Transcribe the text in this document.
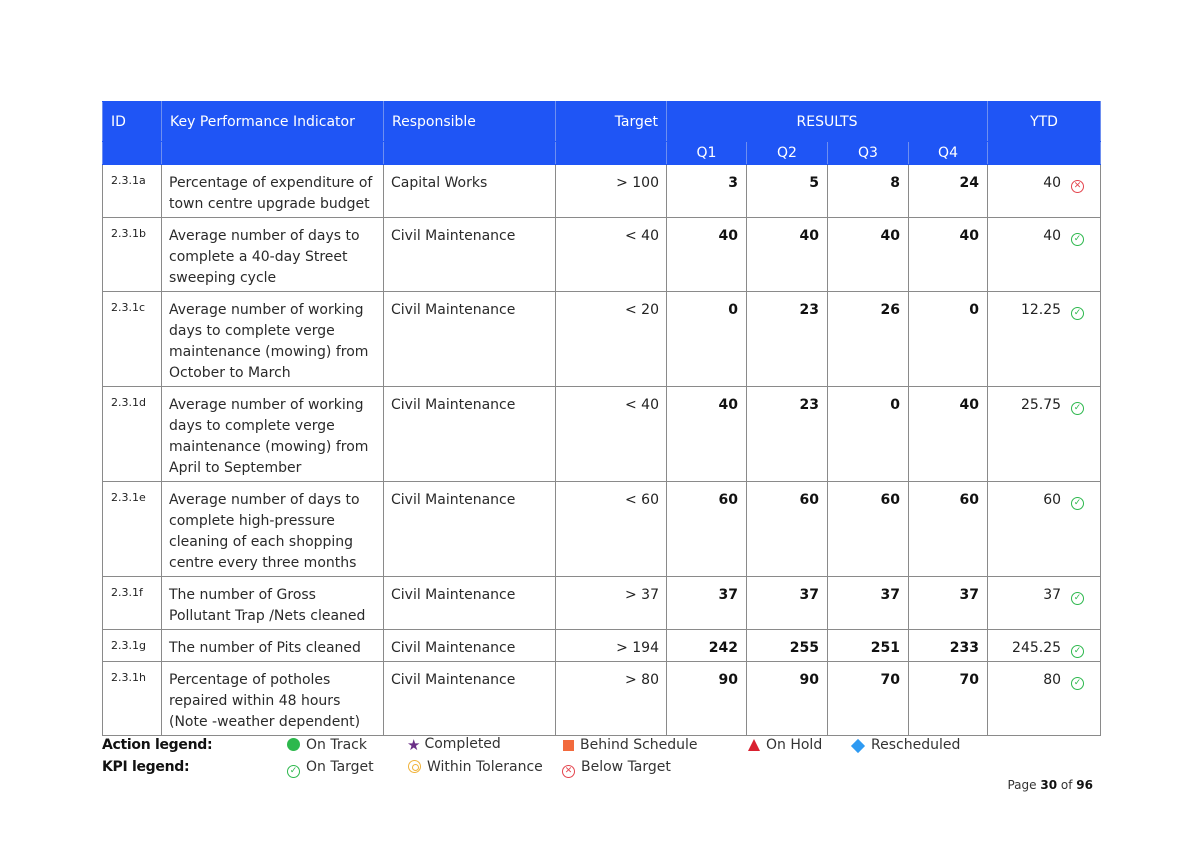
ID	Key Performance Indicator	Responsible	Target	RESULTS				YTD
				Q1	Q2	Q3	Q4	
2.3.1a	Percentage of expenditure of town centre upgrade budget	Capital Works	> 100	3	5	8	24	40 ✕
2.3.1b	Average number of days to complete a 40-day Street sweeping cycle	Civil Maintenance	< 40	40	40	40	40	40 ✓
2.3.1c	Average number of working days to complete verge maintenance (mowing) from October to March	Civil Maintenance	< 20	0	23	26	0	12.25 ✓
2.3.1d	Average number of working days to complete verge maintenance (mowing) from April to September	Civil Maintenance	< 40	40	23	0	40	25.75 ✓
2.3.1e	Average number of days to complete high-pressure cleaning of each shopping centre every three months	Civil Maintenance	< 60	60	60	60	60	60 ✓
2.3.1f	The number of Gross Pollutant Trap /Nets cleaned	Civil Maintenance	> 37	37	37	37	37	37 ✓
2.3.1g	The number of Pits cleaned	Civil Maintenance	> 194	242	255	251	233	245.25 ✓
2.3.1h	Percentage of potholes repaired within 48 hours (Note -weather dependent)	Civil Maintenance	> 80	90	90	70	70	80 ✓
Action legend:
KPI legend:
On Track	★ Completed	Behind Schedule	On Hold	Rescheduled
✓ On Target	Within Tolerance	✕ Below Target
Page 30 of 96
